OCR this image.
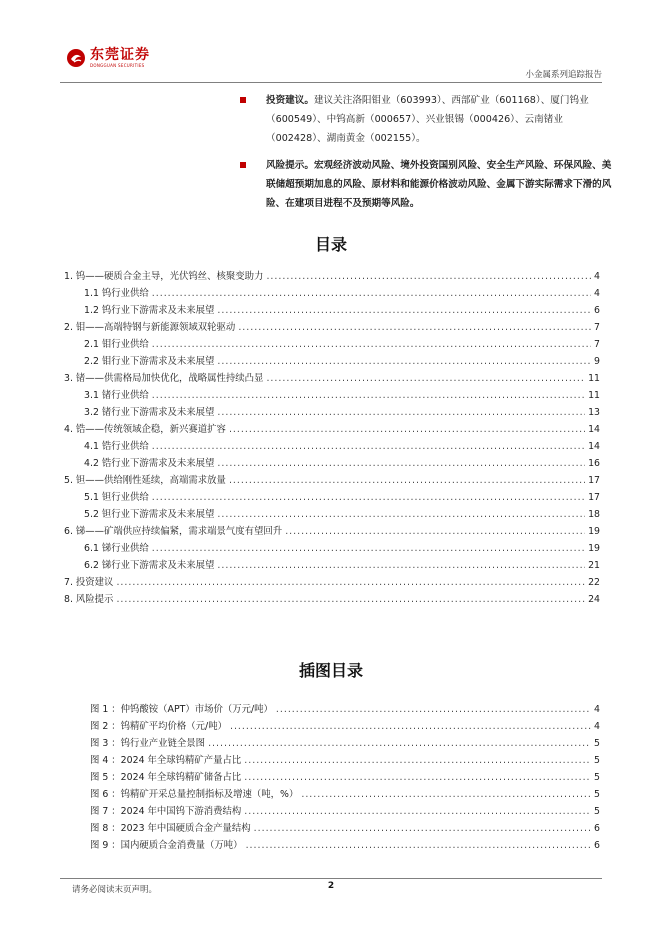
东莞证券
DONGGUAN SECURITIES
小金属系列追踪报告
投资建议。建议关注洛阳钼业（603993）、西部矿业（601168）、厦门钨业（600549）、中钨高新（000657）、兴业银锡（000426）、云南锗业（002428）、湖南黄金（002155）。
风险提示。宏观经济波动风险、境外投资国别风险、安全生产风险、环保风险、美联储超预期加息的风险、原材料和能源价格波动风险、金属下游实际需求下滑的风险、在建项目进程不及预期等风险。
目录
1. 钨——硬质合金主导，光伏钨丝、核聚变助力 .....	4
1.1 钨行业供给 .....	4
1.2 钨行业下游需求及未来展望 .....	6
2. 钼——高端特钢与新能源领域双轮驱动 .....	7
2.1 钼行业供给 .....	7
2.2 钼行业下游需求及未来展望 .....	9
3. 锗——供需格局加快优化，战略属性持续凸显 .....	11
3.1 锗行业供给 .....	11
3.2 锗行业下游需求及未来展望 .....	13
4. 锆——传统领域企稳，新兴赛道扩容 .....	14
4.1 锆行业供给 .....	14
4.2 锆行业下游需求及未来展望 .....	16
5. 钽——供给刚性延续，高端需求放量 .....	17
5.1 钽行业供给 .....	17
5.2 钽行业下游需求及未来展望 .....	18
6. 锑——矿端供应持续偏紧，需求端景气度有望回升 .....	19
6.1 锑行业供给 .....	19
6.2 锑行业下游需求及未来展望 .....	21
7. 投资建议 .....	22
8. 风险提示 .....	24
插图目录
图 1 ：仲钨酸铵（APT）市场价（万元/吨） .....	4
图 2 ：钨精矿平均价格（元/吨） .....	4
图 3 ：钨行业产业链全景图 .....	5
图 4 ：2024 年全球钨精矿产量占比 .....	5
图 5 ：2024 年全球钨精矿储备占比 .....	5
图 6 ：钨精矿开采总量控制指标及增速（吨，%） .....	5
图 7 ：2024 年中国钨下游消费结构 .....	5
图 8 ：2023 年中国硬质合金产量结构 .....	6
图 9 ：国内硬质合金消费量（万吨） .....	6
请务必阅读末页声明。	2
